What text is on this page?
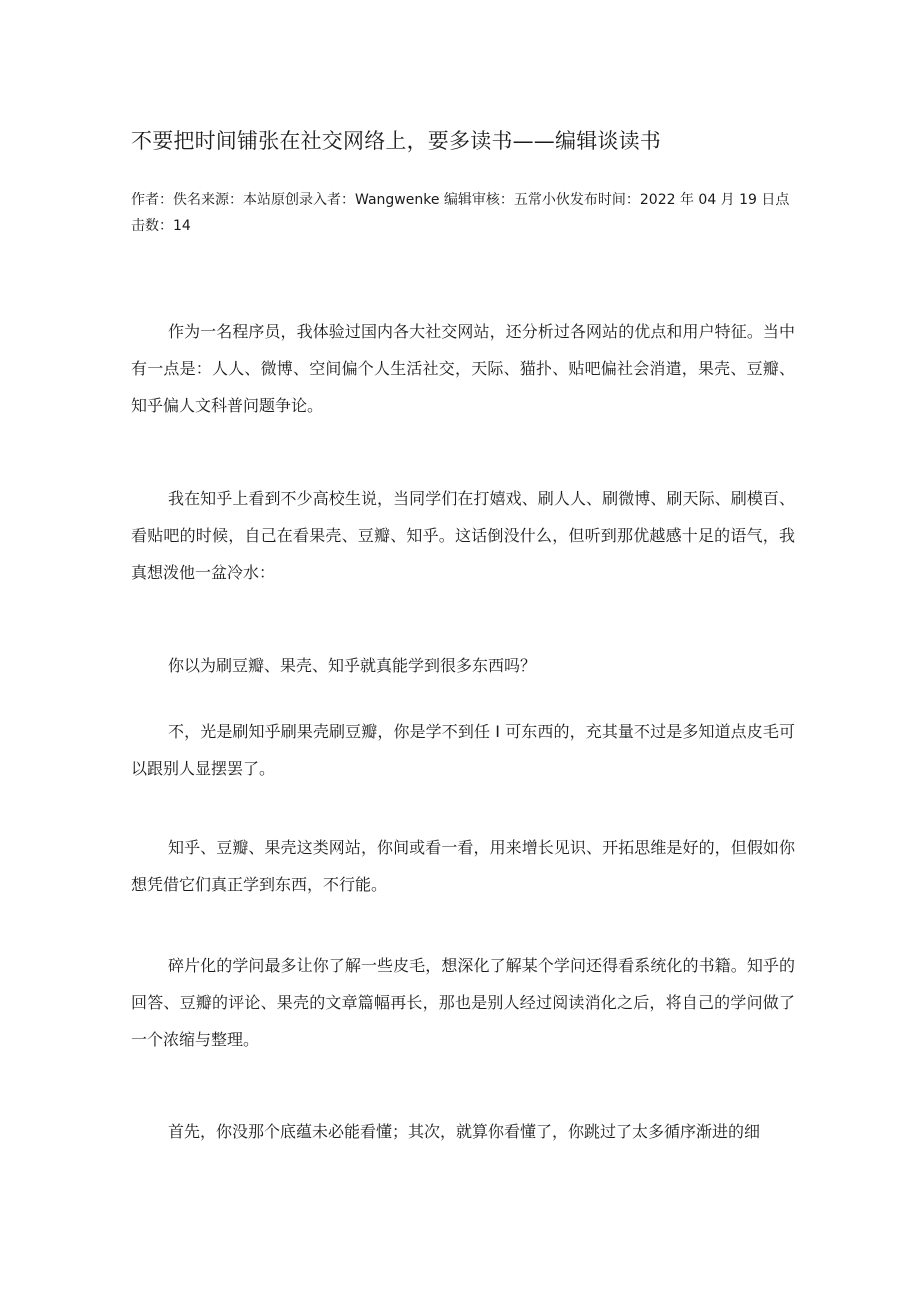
不要把时间铺张在社交网络上，要多读书——编辑谈读书

作者：佚名来源：本站原创录入者：Wangwenke 编辑审核：五常小伙发布时间：2022 年 04 月 19 日点击数：14

作为一名程序员，我体验过国内各大社交网站，还分析过各网站的优点和用户特征。当中有一点是：人人、微博、空间偏个人生活社交，天际、猫扑、贴吧偏社会消遣，果壳、豆瓣、知乎偏人文科普问题争论。

我在知乎上看到不少高校生说，当同学们在打嬉戏、刷人人、刷微博、刷天际、刷模百、看贴吧的时候，自己在看果壳、豆瓣、知乎。这话倒没什么，但听到那优越感十足的语气，我真想泼他一盆冷水：

你以为刷豆瓣、果壳、知乎就真能学到很多东西吗？

不，光是刷知乎刷果壳刷豆瓣，你是学不到任 I 可东西的，充其量不过是多知道点皮毛可以跟别人显摆罢了。

知乎、豆瓣、果壳这类网站，你间或看一看，用来增长见识、开拓思维是好的，但假如你想凭借它们真正学到东西，不行能。

碎片化的学问最多让你了解一些皮毛，想深化了解某个学问还得看系统化的书籍。知乎的回答、豆瓣的评论、果壳的文章篇幅再长，那也是别人经过阅读消化之后，将自己的学问做了一个浓缩与整理。

首先，你没那个底蕴未必能看懂；其次，就算你看懂了，你跳过了太多循序渐进的细
